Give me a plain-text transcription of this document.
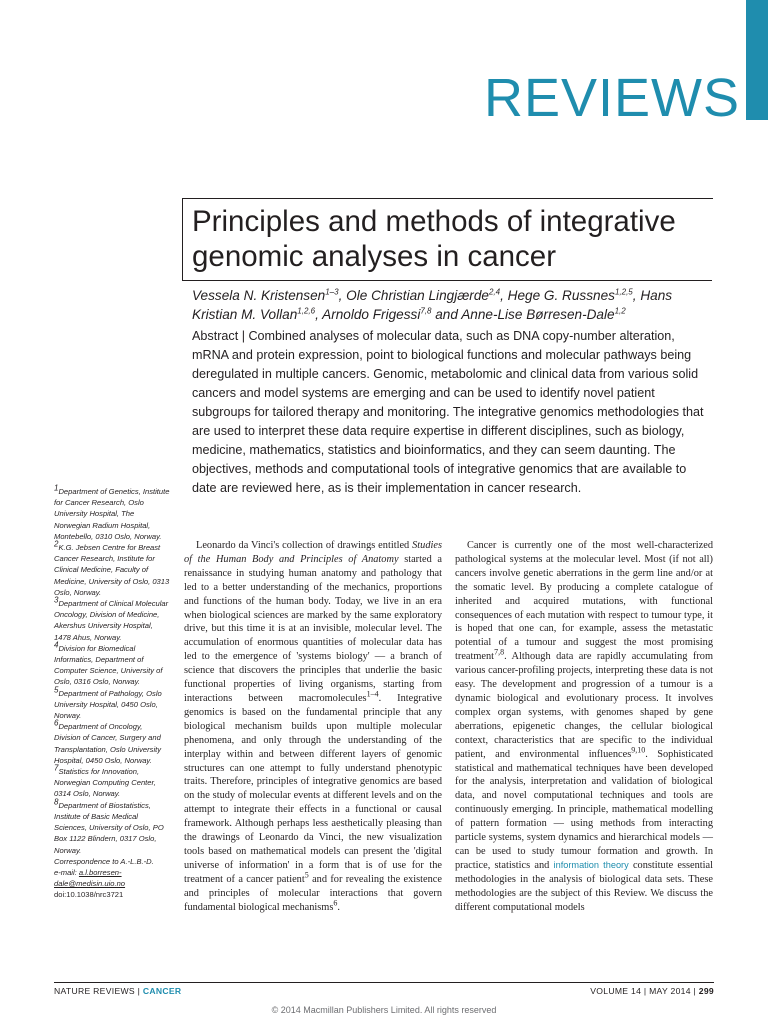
REVIEWS
Principles and methods of integrative genomic analyses in cancer
Vessela N. Kristensen$^{1-3}$, Ole Christian Lingjærde$^{2,4}$, Hege G. Russnes$^{1,2,5}$, Hans Kristian M. Vollan$^{1,2,6}$, Arnoldo Frigessi$^{7,8}$ and Anne-Lise Børresen-Dale$^{1,2}$
Abstract | Combined analyses of molecular data, such as DNA copy-number alteration, mRNA and protein expression, point to biological functions and molecular pathways being deregulated in multiple cancers. Genomic, metabolomic and clinical data from various solid cancers and model systems are emerging and can be used to identify novel patient subgroups for tailored therapy and monitoring. The integrative genomics methodologies that are used to interpret these data require expertise in different disciplines, such as biology, medicine, mathematics, statistics and bioinformatics, and they can seem daunting. The objectives, methods and computational tools of integrative genomics that are available to date are reviewed here, as is their implementation in cancer research.
1Department of Genetics, Institute for Cancer Research, Oslo University Hospital, The Norwegian Radium Hospital, Montebello, 0310 Oslo, Norway.
2K.G. Jebsen Centre for Breast Cancer Research, Institute for Clinical Medicine, Faculty of Medicine, University of Oslo, 0313 Oslo, Norway.
3Department of Clinical Molecular Oncology, Division of Medicine, Akershus University Hospital, 1478 Ahus, Norway.
4Division for Biomedical Informatics, Department of Computer Science, University of Oslo, 0316 Oslo, Norway.
5Department of Pathology, Oslo University Hospital, 0450 Oslo, Norway.
6Department of Oncology, Division of Cancer, Surgery and Transplantation, Oslo University Hospital, 0450 Oslo, Norway.
7Statistics for Innovation, Norwegian Computing Center, 0314 Oslo, Norway.
8Department of Biostatistics, Institute of Basic Medical Sciences, University of Oslo, PO Box 1122 Blindern, 0317 Oslo, Norway.
Correspondence to A.-L.B.-D.
e-mail: a.l.borresen-dale@medisin.uio.no
doi:10.1038/nrc3721
Leonardo da Vinci's collection of drawings entitled Studies of the Human Body and Principles of Anatomy started a renaissance in studying human anatomy and pathology that led to a better understanding of the mechanics, proportions and functions of the human body. Today, we live in an era when biological sciences are marked by the same exploratory drive, but this time it is at an invisible, molecular level. The accumulation of enormous quantities of molecular data has led to the emergence of 'systems biology' — a branch of science that discovers the principles that underlie the basic functional properties of living organisms, starting from interactions between macromolecules$^{1-4}$. Integrative genomics is based on the fundamental principle that any biological mechanism builds upon multiple molecular phenomena, and only through the understanding of the interplay within and between different layers of genomic structures can one attempt to fully understand phenotypic traits. Therefore, principles of integrative genomics are based on the study of molecular events at different levels and on the attempt to integrate their effects in a functional or causal framework. Although perhaps less aesthetically pleasing than the drawings of Leonardo da Vinci, the new visualization tools based on mathematical models can present the 'digital universe of information' in a form that is of use for the treatment of a cancer patient$^5$ and for revealing the existence and principles of molecular interactions that govern fundamental biological mechanisms$^6$.
Cancer is currently one of the most well-characterized pathological systems at the molecular level. Most (if not all) cancers involve genetic aberrations in the germ line and/or at the somatic level. By producing a complete catalogue of inherited and acquired mutations, with functional consequences of each mutation with respect to tumour type, it is hoped that one can, for example, assess the metastatic potential of a tumour and suggest the most promising treatment$^{7,8}$. Although data are rapidly accumulating from various cancer-profiling projects, interpreting these data is not easy. The development and progression of a tumour is a dynamic biological and evolutionary process. It involves complex organ systems, with genomes shaped by gene aberrations, epigenetic changes, the cellular biological context, characteristics that are specific to the individual patient, and environmental influences$^{9,10}$. Sophisticated statistical and mathematical techniques have been developed for the analysis, interpretation and validation of biological data, and novel computational techniques and tools are continuously emerging. In principle, mathematical modelling of pattern formation — using methods from interacting particle systems, system dynamics and hierarchical models — can be used to study tumour formation and growth. In practice, statistics and information theory constitute essential methodologies in the analysis of biological data sets. These methodologies are the subject of this Review. We discuss the different computational models
NATURE REVIEWS | CANCER	VOLUME 14 | MAY 2014 | 299
© 2014 Macmillan Publishers Limited. All rights reserved
